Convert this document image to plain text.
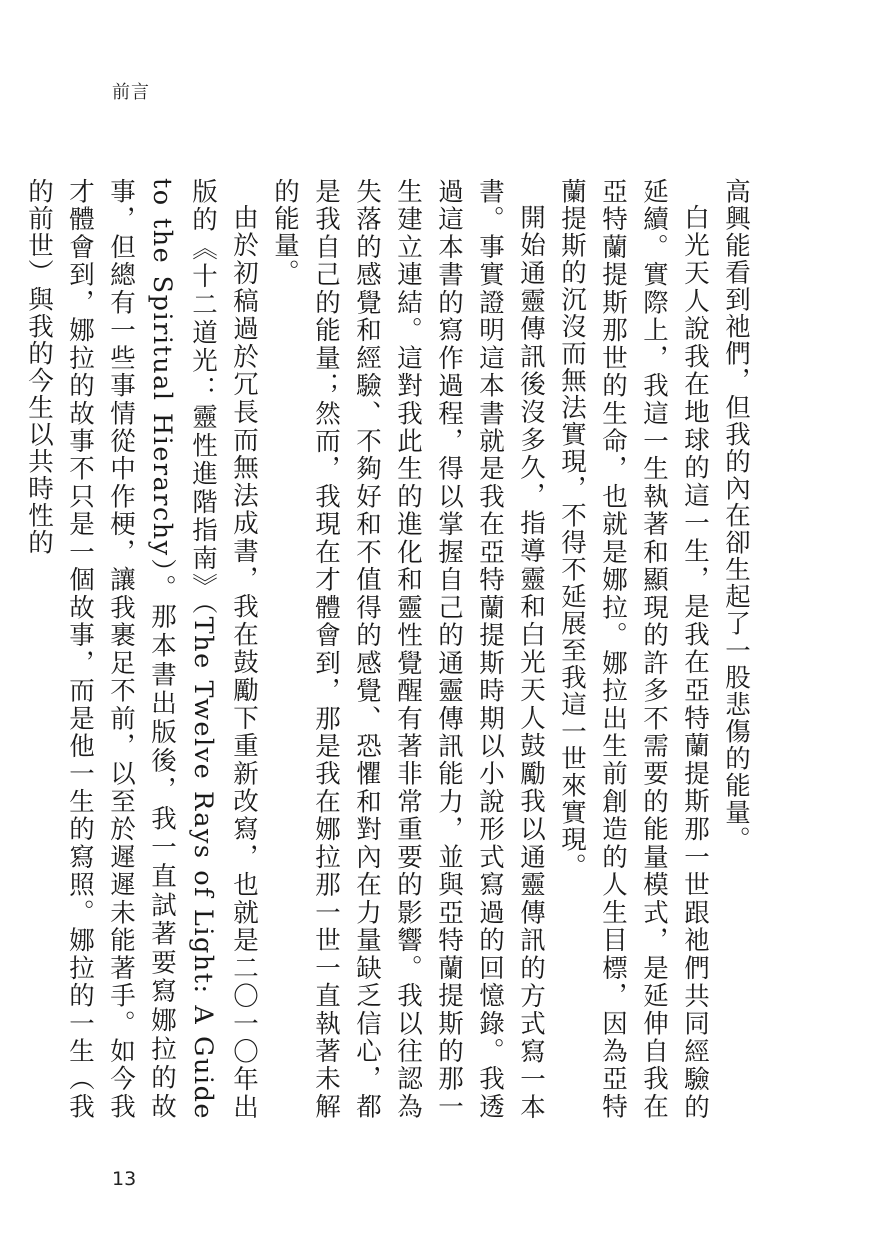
前言

高興能看到祂們，但我的內在卻生起了一股悲傷的能量。

白光天人說我在地球的這一生，是我在亞特蘭提斯那一世跟祂們共同經驗的延續。實際上，我這一生執著和顯現的許多不需要的能量模式，是延伸自我在亞特蘭提斯那世的生命，也就是娜拉。娜拉出生前創造的人生目標，因為亞特蘭提斯的沉沒而無法實現，不得不延展至我這一世來實現。

開始通靈傳訊後沒多久，指導靈和白光天人鼓勵我以通靈傳訊的方式寫一本書。事實證明這本書就是我在亞特蘭提斯時期以小說形式寫過的回憶錄。我透過這本書的寫作過程，得以掌握自己的通靈傳訊能力，並與亞特蘭提斯的那一生建立連結。這對我此生的進化和靈性覺醒有著非常重要的影響。我以往認為失落的感覺和經驗、不夠好和不值得的感覺、恐懼和對內在力量缺乏信心，都是我自己的能量；然而，我現在才體會到，那是我在娜拉那一世一直執著未解的能量。

由於初稿過於冗長而無法成書，我在鼓勵下重新改寫，也就是二〇一〇年出版的《十二道光：靈性進階指南》（The Twelve Rays of Light: A Guide to the Spiritual Hierarchy）。那本書出版後，我一直試著要寫娜拉的故事，但總有一些事情從中作梗，讓我裹足不前，以至於遲遲未能著手。如今我才體會到，娜拉的故事不只是一個故事，而是他一生的寫照。娜拉的一生（我的前世）與我的今生以共時性的

13
